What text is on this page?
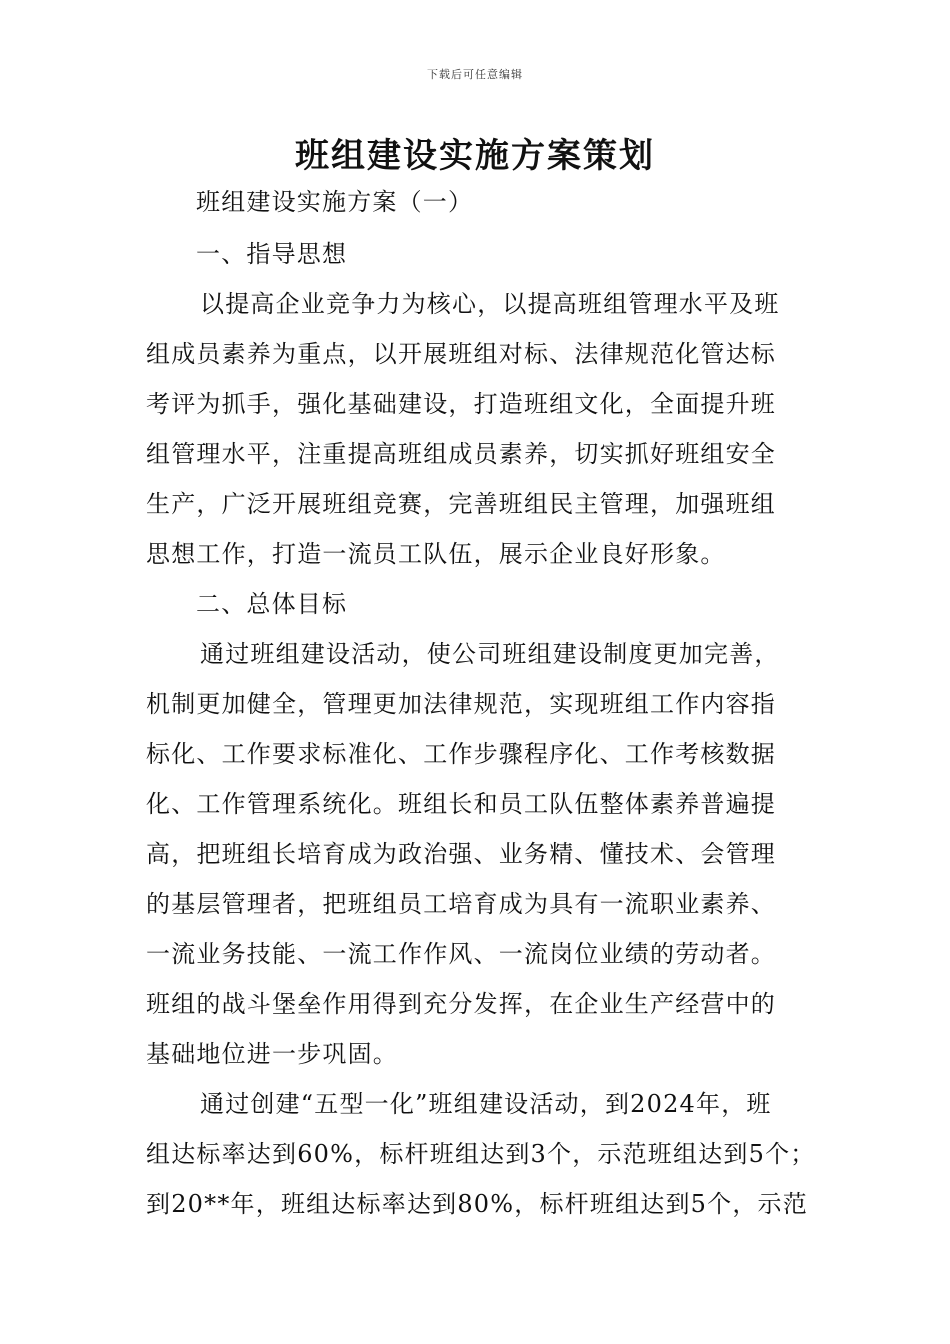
下载后可任意编辑
班组建设实施方案策划
班组建设实施方案（一）
一、指导思想
以提高企业竞争力为核心，以提高班组管理水平及班
组成员素养为重点，以开展班组对标、法律规范化管达标
考评为抓手，强化基础建设，打造班组文化，全面提升班
组管理水平，注重提高班组成员素养，切实抓好班组安全
生产，广泛开展班组竞赛，完善班组民主管理，加强班组
思想工作，打造一流员工队伍，展示企业良好形象。
二、总体目标
通过班组建设活动，使公司班组建设制度更加完善，
机制更加健全，管理更加法律规范，实现班组工作内容指
标化、工作要求标准化、工作步骤程序化、工作考核数据
化、工作管理系统化。班组长和员工队伍整体素养普遍提
高，把班组长培育成为政治强、业务精、懂技术、会管理
的基层管理者，把班组员工培育成为具有一流职业素养、
一流业务技能、一流工作作风、一流岗位业绩的劳动者。
班组的战斗堡垒作用得到充分发挥，在企业生产经营中的
基础地位进一步巩固。
通过创建“五型一化”班组建设活动，到2024年，班
组达标率达到60%，标杆班组达到3个，示范班组达到5个；
到20**年，班组达标率达到80%，标杆班组达到5个，示范
